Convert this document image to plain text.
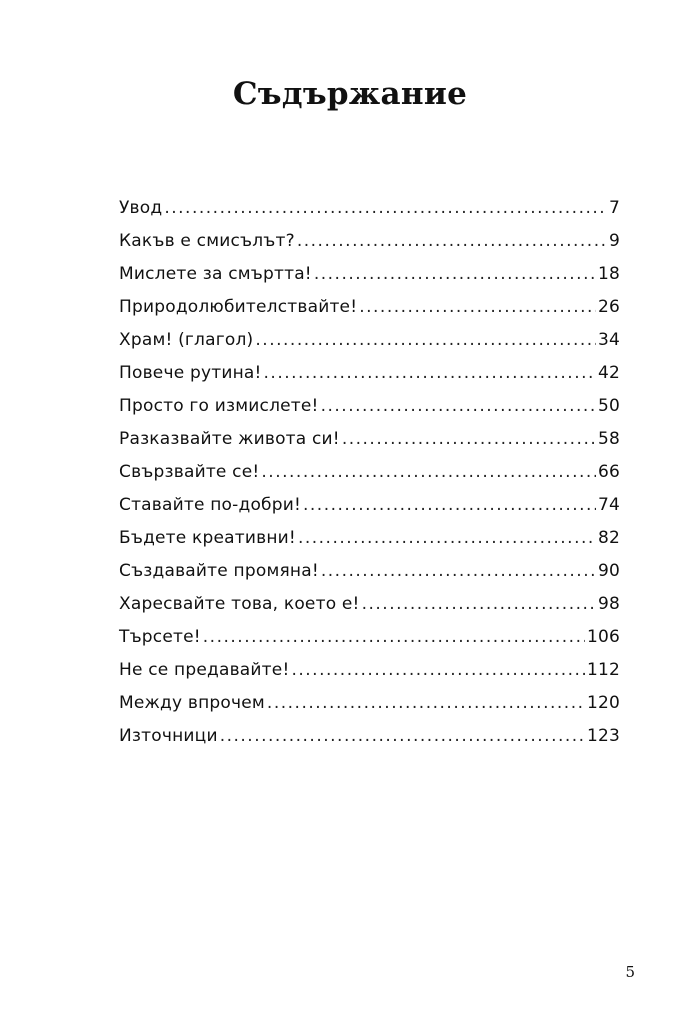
Съдържание
Увод .....	7
Какъв е смисълът? .....	9
Мислете за смъртта! .....	18
Природолюбителствайте! .....	26
Храм! (глагол) .....	34
Повече рутина! .....	42
Просто го измислете! .....	50
Разказвайте живота си! .....	58
Свързвайте се! .....	66
Ставайте по-добри! .....	74
Бъдете креативни! .....	82
Създавайте промяна! .....	90
Харесвайте това, което е! .....	98
Търсете! .....	106
Не се предавайте! .....	112
Между впрочем .....	120
Източници .....	123
5
